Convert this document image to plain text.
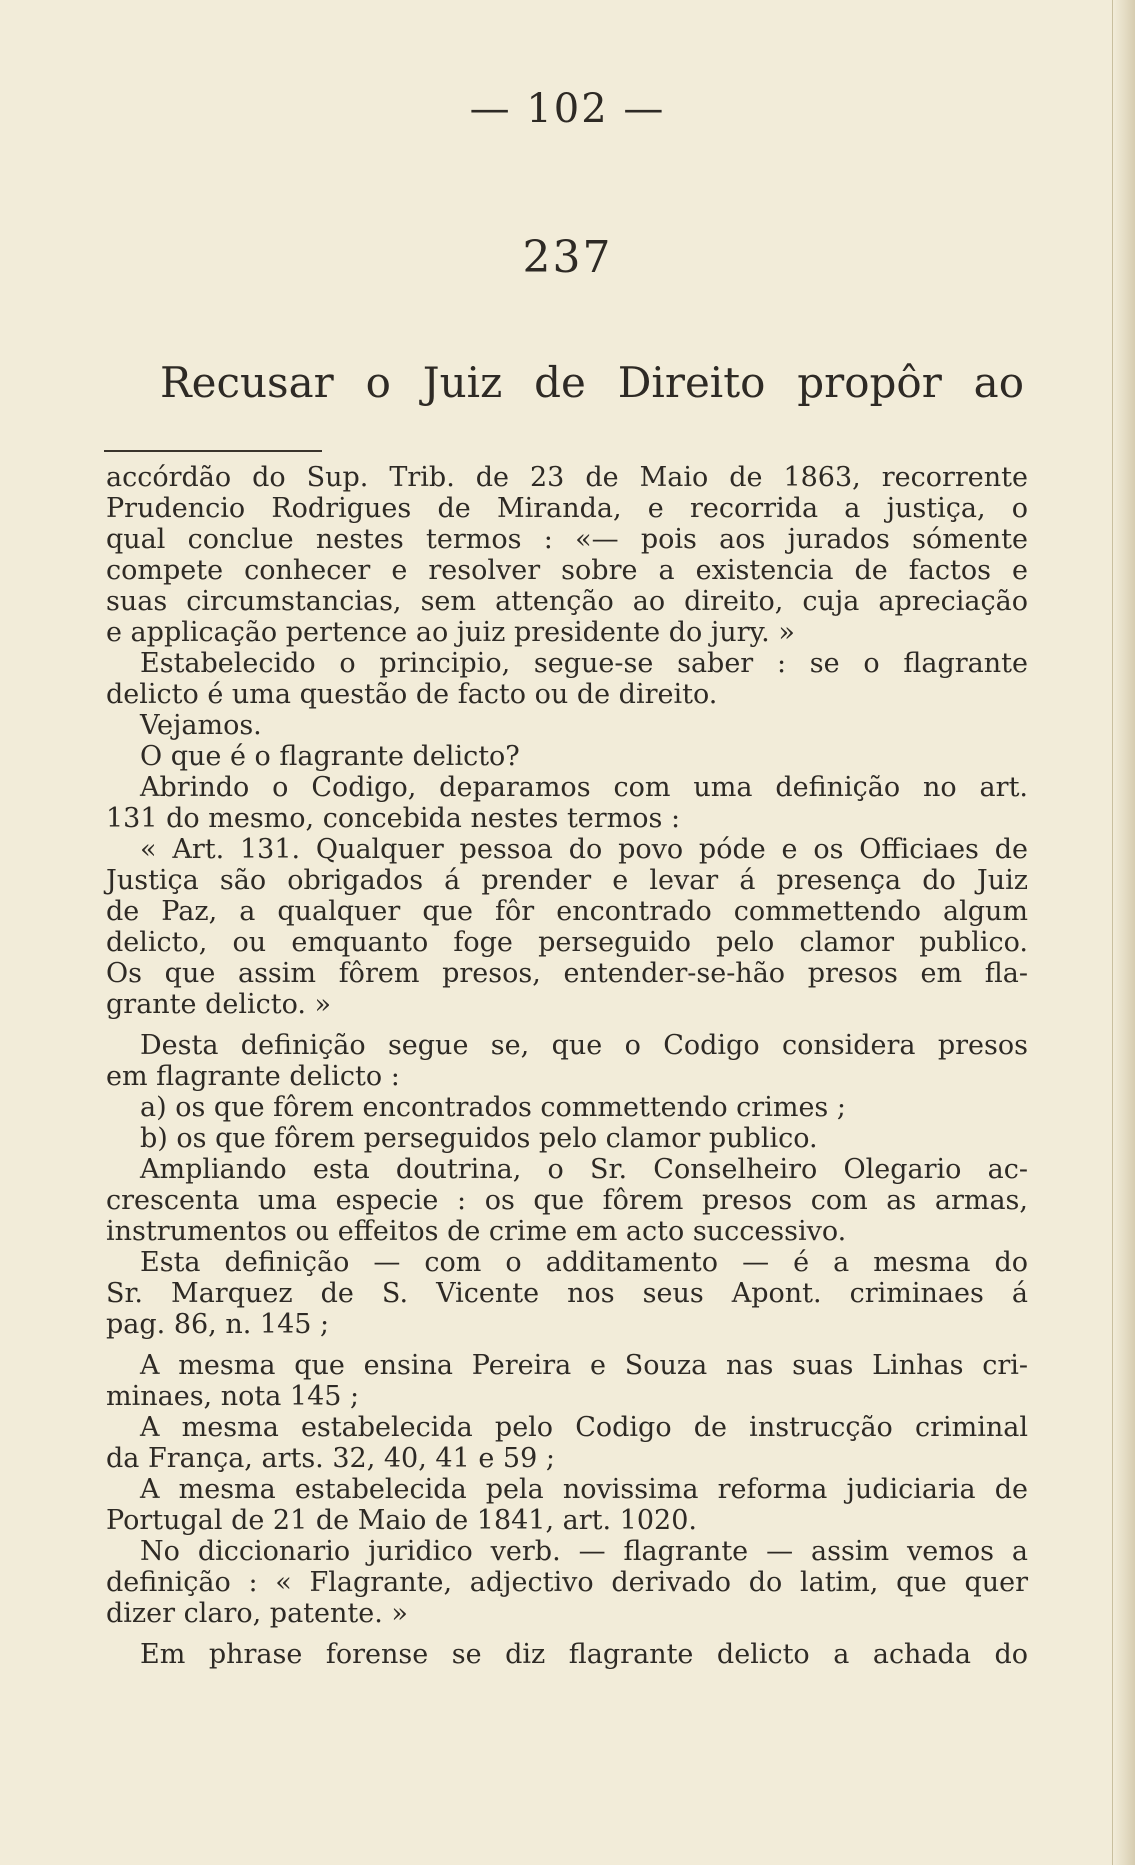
— 102 —
237
Recusar o Juiz de Direito propôr ao
accórdão do Sup. Trib. de 23 de Maio de 1863, recorrente
Prudencio Rodrigues de Miranda, e recorrida a justiça, o
qual conclue nestes termos : «— pois aos jurados sómente
compete conhecer e resolver sobre a existencia de factos e
suas circumstancias, sem attenção ao direito, cuja apreciação
e applicação pertence ao juiz presidente do jury. »
Estabelecido o principio, segue-se saber : se o flagrante
delicto é uma questão de facto ou de direito.
Vejamos.
O que é o flagrante delicto?
Abrindo o Codigo, deparamos com uma definição no art.
131 do mesmo, concebida nestes termos :
« Art. 131. Qualquer pessoa do povo póde e os Officiaes de
Justiça são obrigados á prender e levar á presença do Juiz
de Paz, a qualquer que fôr encontrado commettendo algum
delicto, ou emquanto foge perseguido pelo clamor publico.
Os que assim fôrem presos, entender-se-hão presos em fla-
grante delicto. »
Desta definição segue se, que o Codigo considera presos
em flagrante delicto :
a) os que fôrem encontrados commettendo crimes ;
b) os que fôrem perseguidos pelo clamor publico.
Ampliando esta doutrina, o Sr. Conselheiro Olegario ac-
crescenta uma especie : os que fôrem presos com as armas,
instrumentos ou effeitos de crime em acto successivo.
Esta definição — com o additamento — é a mesma do
Sr. Marquez de S. Vicente nos seus Apont. criminaes á
pag. 86, n. 145 ;
A mesma que ensina Pereira e Souza nas suas Linhas cri-
minaes, nota 145 ;
A mesma estabelecida pelo Codigo de instrucção criminal
da França, arts. 32, 40, 41 e 59 ;
A mesma estabelecida pela novissima reforma judiciaria de
Portugal de 21 de Maio de 1841, art. 1020.
No diccionario juridico verb. — flagrante — assim vemos a
definição : « Flagrante, adjectivo derivado do latim, que quer
dizer claro, patente. »
Em phrase forense se diz flagrante delicto a achada do
